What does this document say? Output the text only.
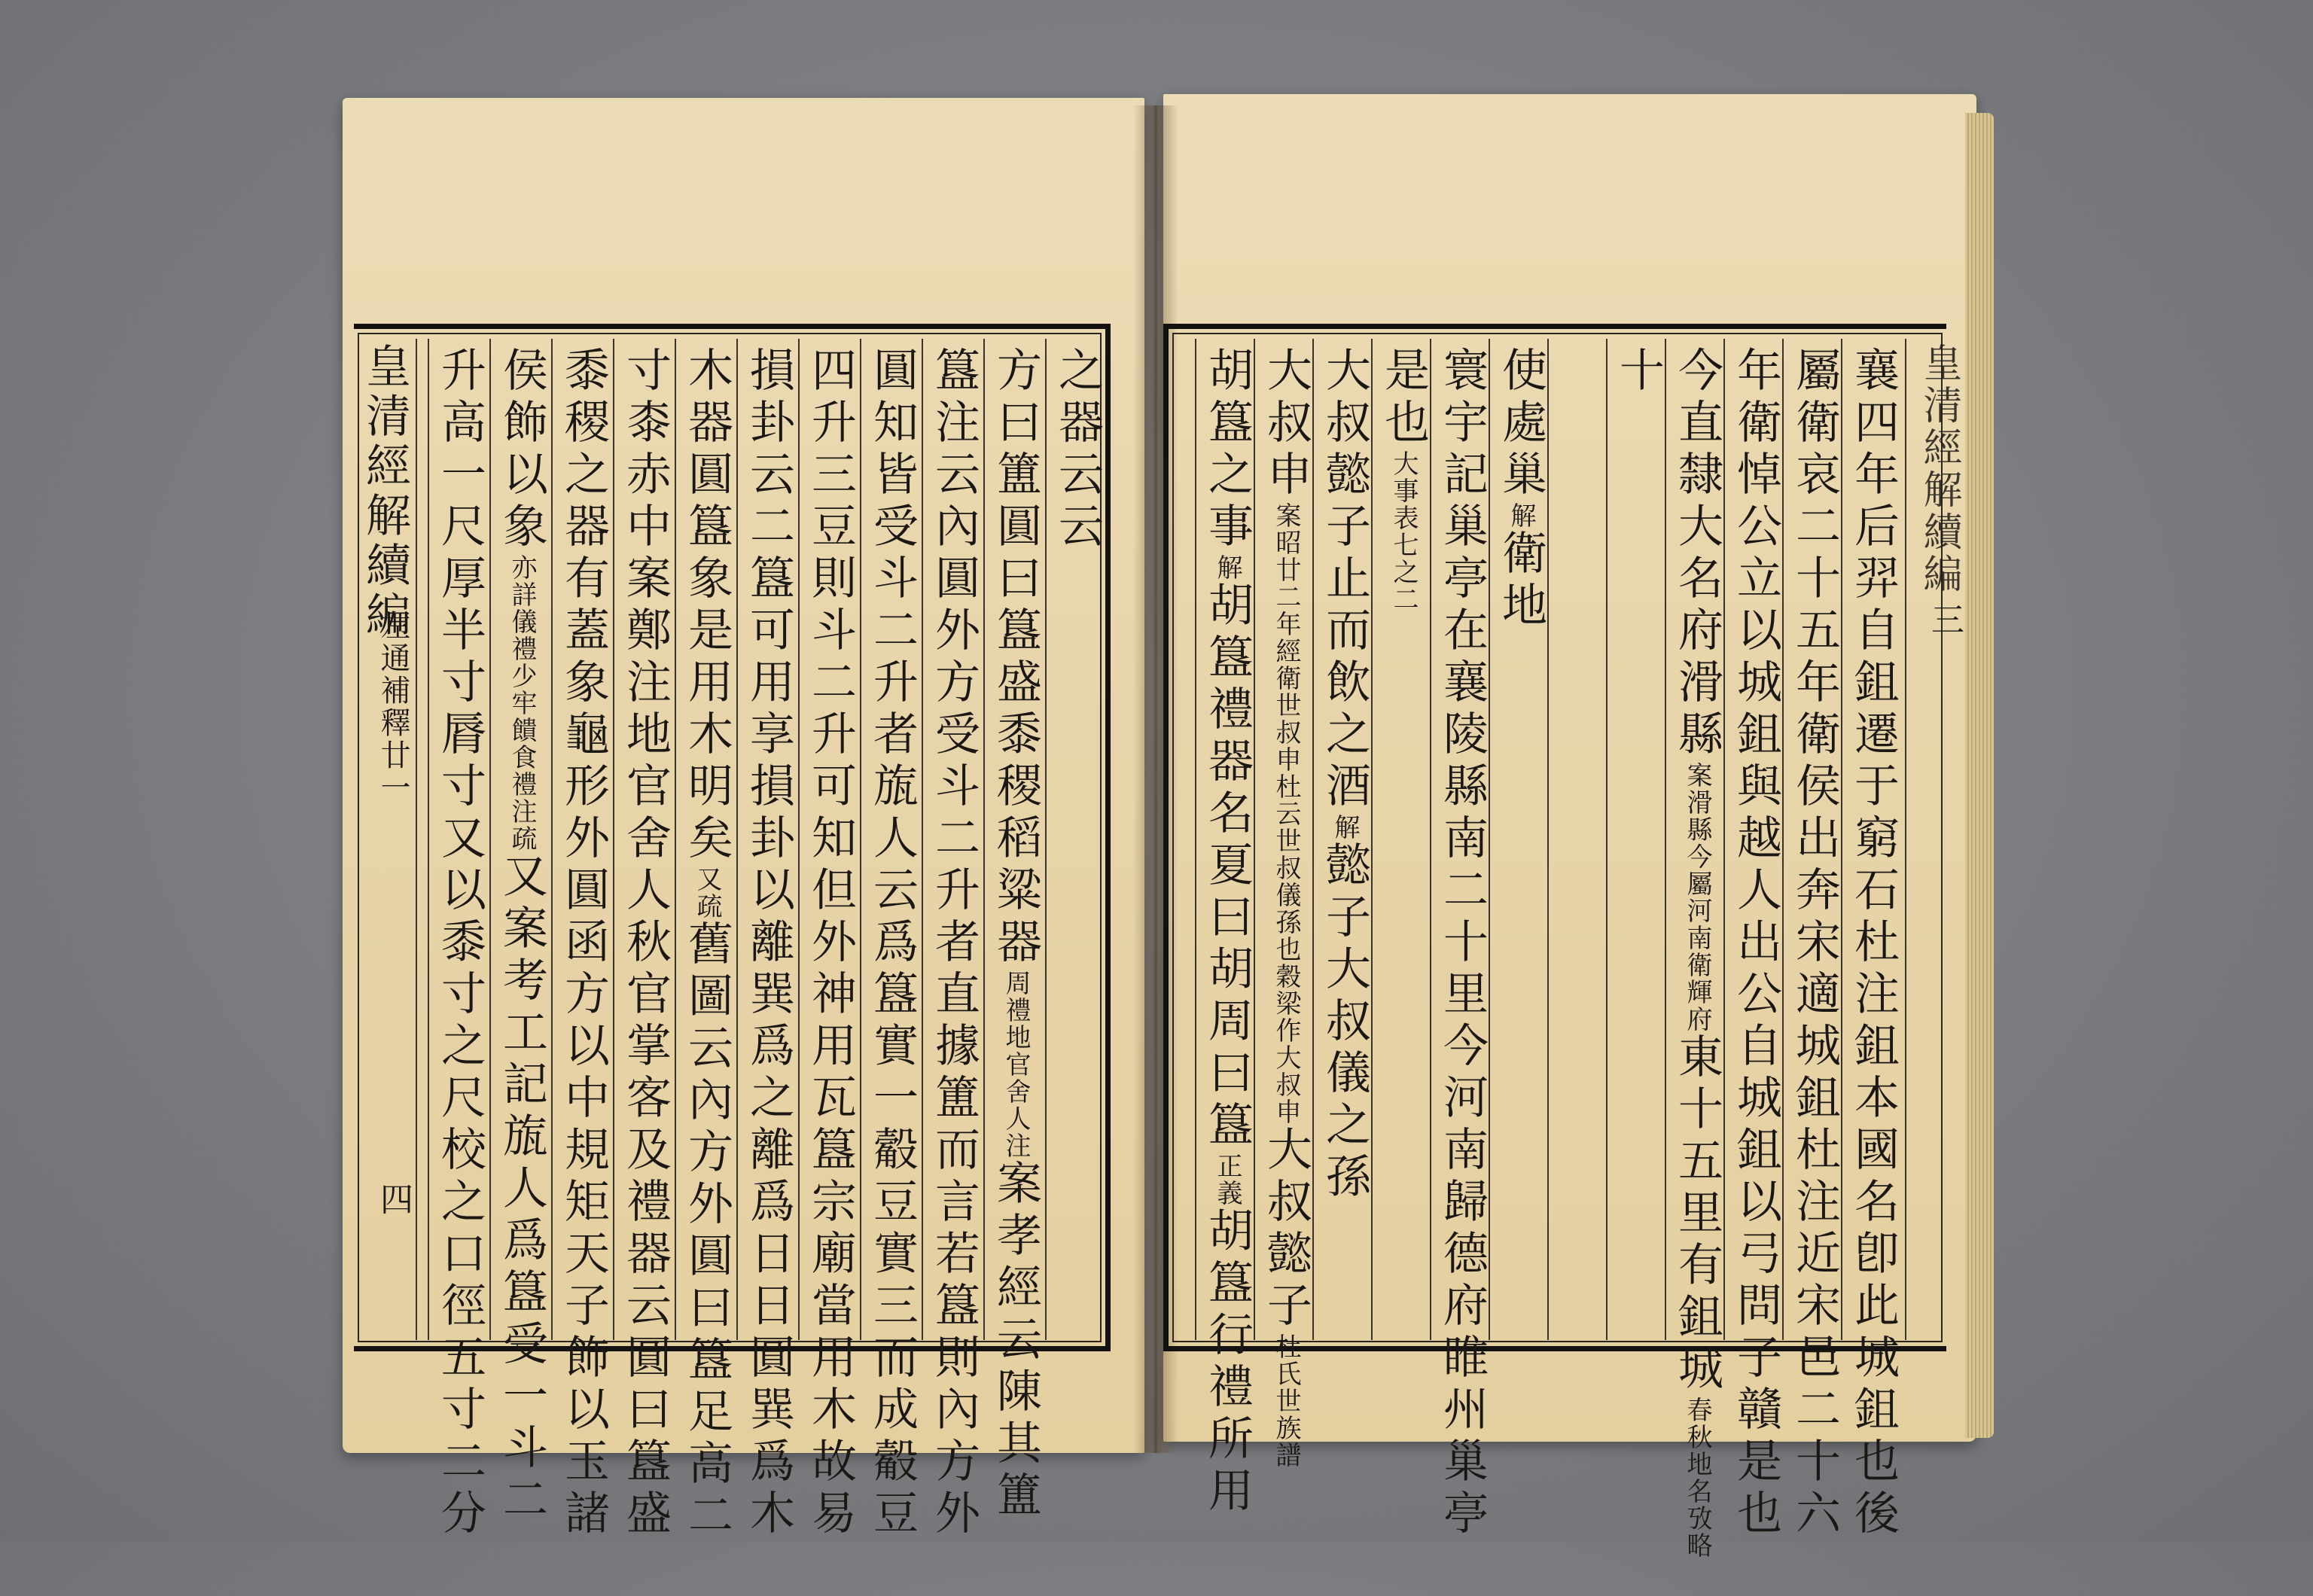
皇清經解續編
左通補釋廿一
四
之器云云
方曰簠圓曰簋盛黍稷稻粱器周禮地官舍人注案孝經云陳其簠
簋注云內圓外方受斗二升者直據簠而言若簋則內方外
圓知皆受斗二升者旊人云爲簋實一觳豆實三而成觳豆
四升三豆則斗二升可知但外神用瓦簋宗廟當用木故易
損卦云二簋可用享損卦以離巽爲之離爲日日圓巽爲木
木器圓簋象是用木明矣又疏舊圖云內方外圓曰簋足高二
寸桼赤中案鄭注地官舍人秋官掌客及禮器云圓曰簋盛
黍稷之器有蓋象龜形外圓函方以中規矩天子飾以玉諸
侯飾以象亦詳儀禮少牢饋食禮注疏又案考工記旊人爲簋受一斗二
升高一尺厚半寸脣寸又以黍寸之尺校之口徑五寸二分	皇清經解續編
三
襄四年后羿自鉏遷于窮石杜注鉏本國名卽此城鉏也後
屬衛哀二十五年衛侯出奔宋適城鉏杜注近宋邑二十六
年衛悼公立以城鉏與越人出公自城鉏以弓問子贛是也
今直隸大名府滑縣案滑縣今屬河南衛輝府東十五里有鉏城春秋地名攷略
十
使處巢解衛地
寰宇記巢亭在襄陵縣南二十里今河南歸德府睢州巢亭
是也大事表七之二
大叔懿子止而飲之酒解懿子大叔儀之孫
大叔申案昭廿二年經衛世叔申杜云世叔儀孫也穀梁作大叔申大叔懿子杜氏世族譜
胡簋之事解胡簋禮器名夏曰胡周曰簋正義胡簋行禮所用
